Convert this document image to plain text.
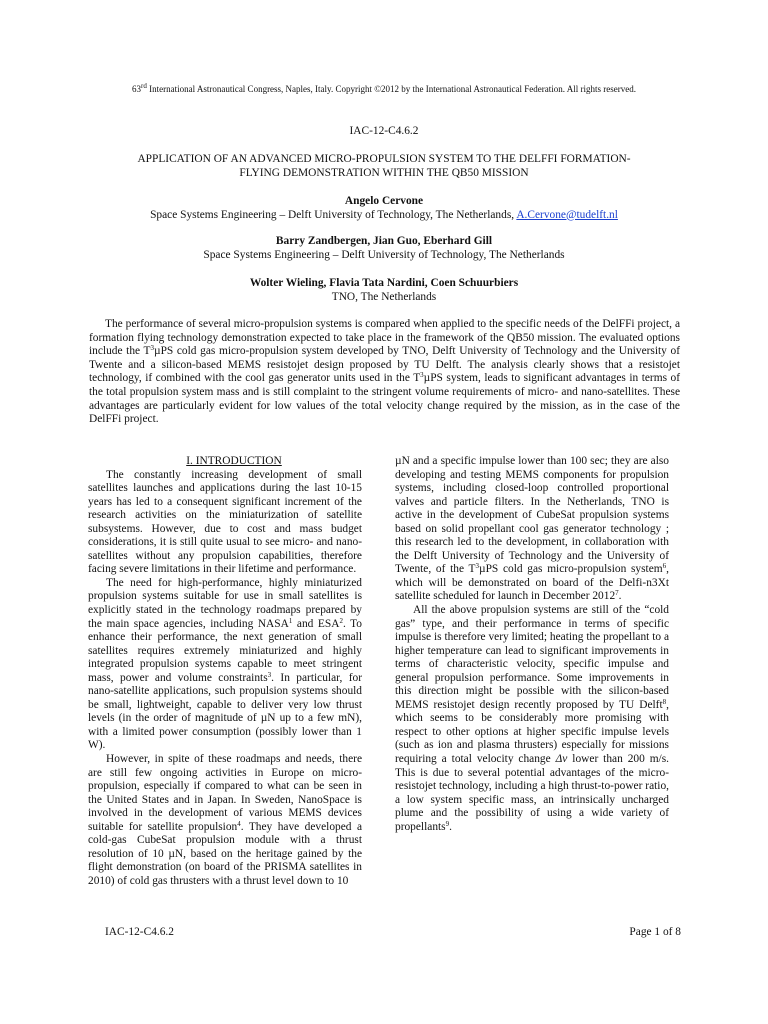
63rd International Astronautical Congress, Naples, Italy. Copyright ©2012 by the International Astronautical Federation. All rights reserved.
IAC-12-C4.6.2
APPLICATION OF AN ADVANCED MICRO-PROPULSION SYSTEM TO THE DELFFI FORMATION-
FLYING DEMONSTRATION WITHIN THE QB50 MISSION
Angelo Cervone
Space Systems Engineering – Delft University of Technology, The Netherlands, A.Cervone@tudelft.nl
Barry Zandbergen, Jian Guo, Eberhard Gill
Space Systems Engineering – Delft University of Technology, The Netherlands
Wolter Wieling, Flavia Tata Nardini, Coen Schuurbiers
TNO, The Netherlands

The performance of several micro-propulsion systems is compared when applied to the specific needs of the DelFFi project, a formation flying technology demonstration expected to take place in the framework of the QB50 mission. The evaluated options include the $T^3\mu PS$ cold gas micro-propulsion system developed by TNO, Delft University of Technology and the University of Twente and a silicon-based MEMS resistojet design proposed by TU Delft. The analysis clearly shows that a resistojet technology, if combined with the cool gas generator units used in the $T^3\mu PS$ system, leads to significant advantages in terms of the total propulsion system mass and is still complaint to the stringent volume requirements of micro- and nano-satellites. These advantages are particularly evident for low values of the total velocity change required by the mission, as in the case of the DelFFi project.

I. INTRODUCTION

The constantly increasing development of small satellites launches and applications during the last 10-15 years has led to a consequent significant increment of the research activities on the miniaturization of satellite subsystems. However, due to cost and mass budget considerations, it is still quite usual to see micro- and nano-satellites without any propulsion capabilities, therefore facing severe limitations in their lifetime and performance.

The need for high-performance, highly miniaturized propulsion systems suitable for use in small satellites is explicitly stated in the technology roadmaps prepared by the main space agencies, including NASA$^1$ and ESA$^2$. To enhance their performance, the next generation of small satellites requires extremely miniaturized and highly integrated propulsion systems capable to meet stringent mass, power and volume constraints$^3$. In particular, for nano-satellite applications, such propulsion systems should be small, lightweight, capable to deliver very low thrust levels (in the order of magnitude of µN up to a few mN), with a limited power consumption (possibly lower than 1 W).

However, in spite of these roadmaps and needs, there are still few ongoing activities in Europe on micro-propulsion, especially if compared to what can be seen in the United States and in Japan. In Sweden, NanoSpace is involved in the development of various MEMS devices suitable for satellite propulsion$^4$. They have developed a cold-gas CubeSat propulsion module with a thrust resolution of 10 µN, based on the heritage gained by the flight demonstration (on board of the PRISMA satellites in 2010) of cold gas thrusters with a thrust level down to 10

µN and a specific impulse lower than 100 sec; they are also developing and testing MEMS components for propulsion systems, including closed-loop controlled proportional valves and particle filters. In the Netherlands, TNO is active in the development of CubeSat propulsion systems based on solid propellant cool gas generator technology ; this research led to the development, in collaboration with the Delft University of Technology and the University of Twente, of the $T^3\mu PS$ cold gas micro-propulsion system$^6$, which will be demonstrated on board of the Delfi-n3Xt satellite scheduled for launch in December 2012$^7$.

All the above propulsion systems are still of the “cold gas” type, and their performance in terms of specific impulse is therefore very limited; heating the propellant to a higher temperature can lead to significant improvements in terms of characteristic velocity, specific impulse and general propulsion performance. Some improvements in this direction might be possible with the silicon-based MEMS resistojet design recently proposed by TU Delft$^8$, which seems to be considerably more promising with respect to other options at higher specific impulse levels (such as ion and plasma thrusters) especially for missions requiring a total velocity change Δv lower than 200 m/s. This is due to several potential advantages of the micro-resistojet technology, including a high thrust-to-power ratio, a low system specific mass, an intrinsically uncharged plume and the possibility of using a wide variety of propellants$^9$.

IAC-12-C4.6.2	Page 1 of 8
